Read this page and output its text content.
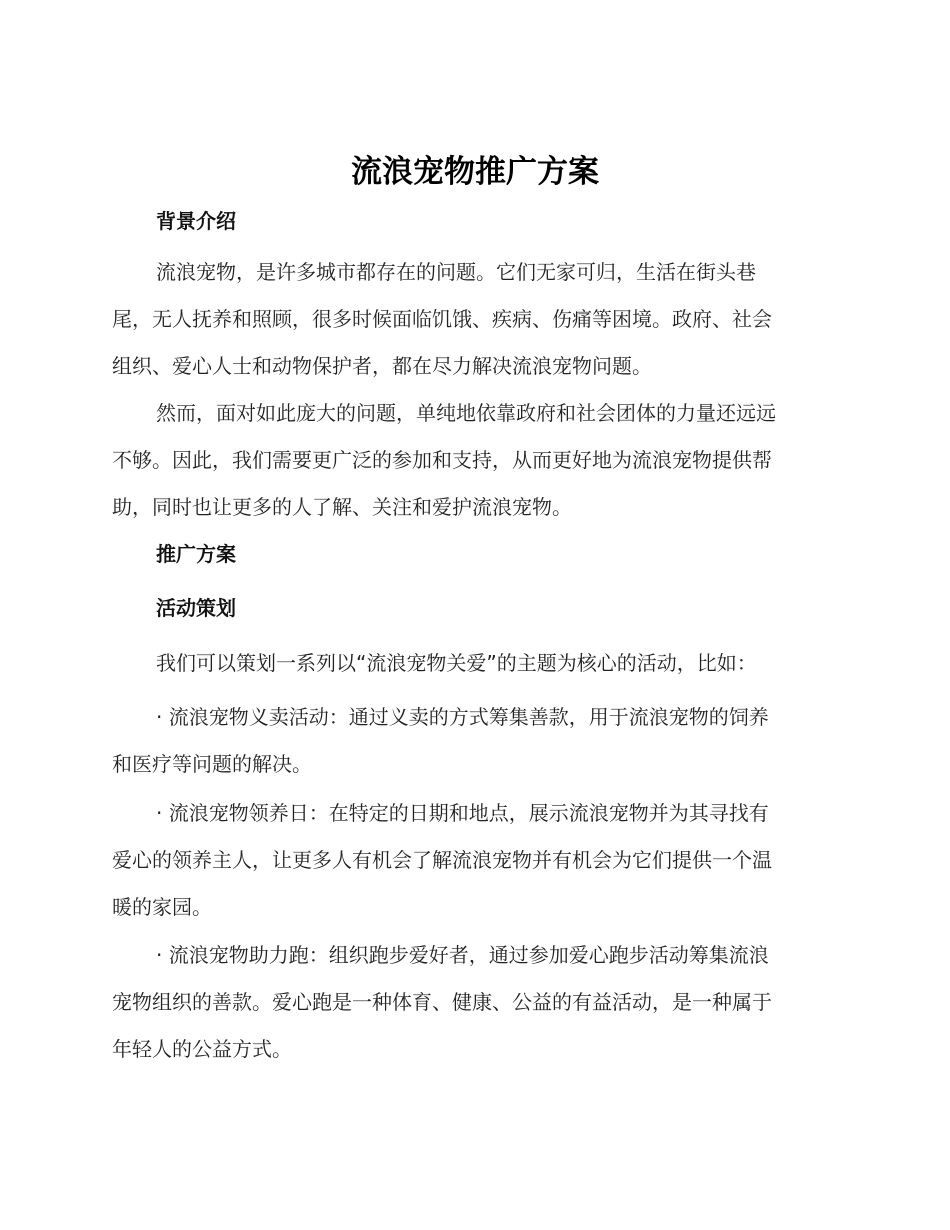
流浪宠物推广方案
背景介绍
流浪宠物，是许多城市都存在的问题。它们无家可归，生活在街头巷
尾，无人抚养和照顾，很多时候面临饥饿、疾病、伤痛等困境。政府、社会
组织、爱心人士和动物保护者，都在尽力解决流浪宠物问题。
然而，面对如此庞大的问题，单纯地依靠政府和社会团体的力量还远远
不够。因此，我们需要更广泛的参加和支持，从而更好地为流浪宠物提供帮
助，同时也让更多的人了解、关注和爱护流浪宠物。
推广方案
活动策划
我们可以策划一系列以“流浪宠物关爱”的主题为核心的活动，比如：
· 流浪宠物义卖活动：通过义卖的方式筹集善款，用于流浪宠物的饲养
和医疗等问题的解决。
· 流浪宠物领养日：在特定的日期和地点，展示流浪宠物并为其寻找有
爱心的领养主人，让更多人有机会了解流浪宠物并有机会为它们提供一个温
暖的家园。
· 流浪宠物助力跑：组织跑步爱好者，通过参加爱心跑步活动筹集流浪
宠物组织的善款。爱心跑是一种体育、健康、公益的有益活动，是一种属于
年轻人的公益方式。
